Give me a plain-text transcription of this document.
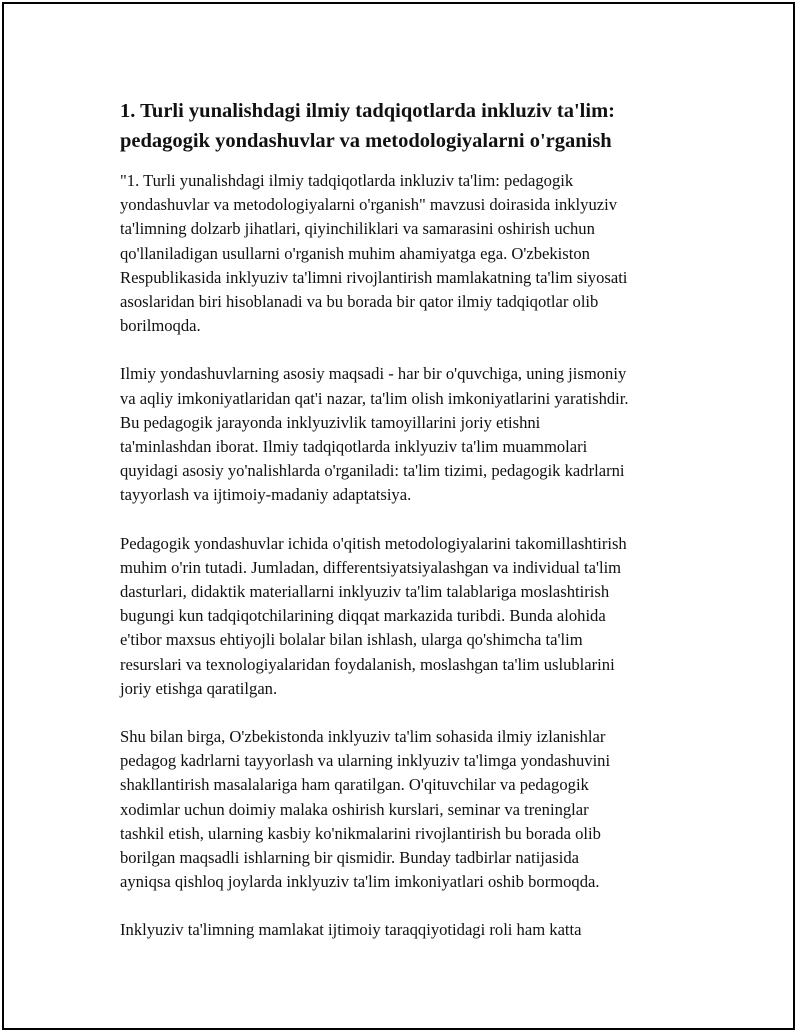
1. Turli yunalishdagi ilmiy tadqiqotlarda inkluziv ta'lim:
pedagogik yondashuvlar va metodologiyalarni o'rganish

"1. Turli yunalishdagi ilmiy tadqiqotlarda inkluziv ta'lim: pedagogik
yondashuvlar va metodologiyalarni o'rganish" mavzusi doirasida inklyuziv
ta'limning dolzarb jihatlari, qiyinchiliklari va samarasini oshirish uchun
qo'llaniladigan usullarni o'rganish muhim ahamiyatga ega. O'zbekiston
Respublikasida inklyuziv ta'limni rivojlantirish mamlakatning ta'lim siyosati
asoslaridan biri hisoblanadi va bu borada bir qator ilmiy tadqiqotlar olib
borilmoqda.

Ilmiy yondashuvlarning asosiy maqsadi - har bir o'quvchiga, uning jismoniy
va aqliy imkoniyatlaridan qat'i nazar, ta'lim olish imkoniyatlarini yaratishdir.
Bu pedagogik jarayonda inklyuzivlik tamoyillarini joriy etishni
ta'minlashdan iborat. Ilmiy tadqiqotlarda inklyuziv ta'lim muammolari
quyidagi asosiy yo'nalishlarda o'rganiladi: ta'lim tizimi, pedagogik kadrlarni
tayyorlash va ijtimoiy-madaniy adaptatsiya.

Pedagogik yondashuvlar ichida o'qitish metodologiyalarini takomillashtirish
muhim o'rin tutadi. Jumladan, differentsiyatsiyalashgan va individual ta'lim
dasturlari, didaktik materiallarni inklyuziv ta'lim talablariga moslashtirish
bugungi kun tadqiqotchilarining diqqat markazida turibdi. Bunda alohida
e'tibor maxsus ehtiyojli bolalar bilan ishlash, ularga qo'shimcha ta'lim
resurslari va texnologiyalaridan foydalanish, moslashgan ta'lim uslublarini
joriy etishga qaratilgan.

Shu bilan birga, O'zbekistonda inklyuziv ta'lim sohasida ilmiy izlanishlar
pedagog kadrlarni tayyorlash va ularning inklyuziv ta'limga yondashuvini
shakllantirish masalalariga ham qaratilgan. O'qituvchilar va pedagogik
xodimlar uchun doimiy malaka oshirish kurslari, seminar va treninglar
tashkil etish, ularning kasbiy ko'nikmalarini rivojlantirish bu borada olib
borilgan maqsadli ishlarning bir qismidir. Bunday tadbirlar natijasida
ayniqsa qishloq joylarda inklyuziv ta'lim imkoniyatlari oshib bormoqda.

Inklyuziv ta'limning mamlakat ijtimoiy taraqqiyotidagi roli ham katta
